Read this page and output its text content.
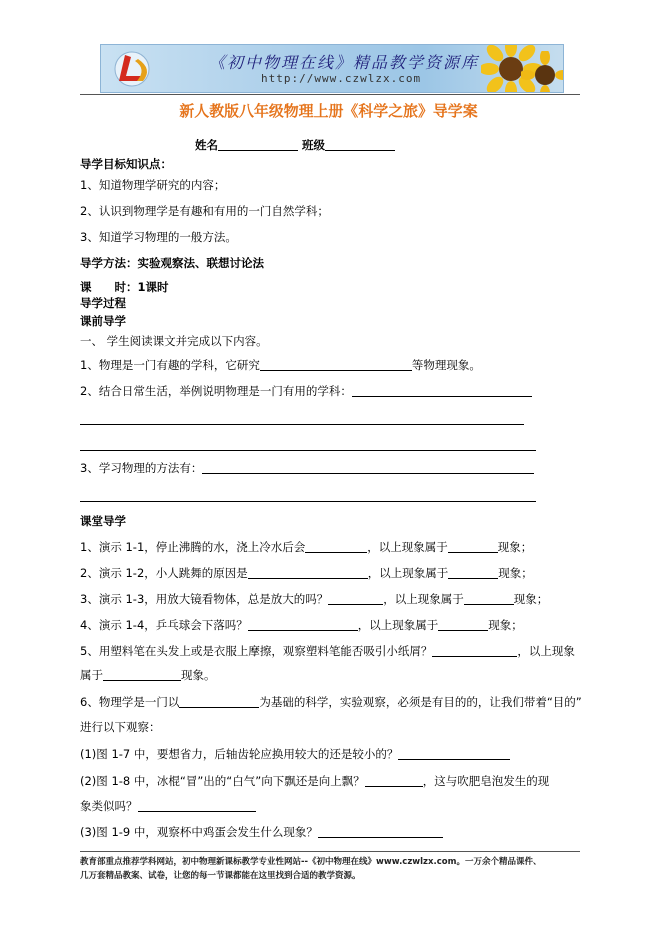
《初中物理在线》精品教学资源库
http://www.czwlzx.com
新人教版八年级物理上册《科学之旅》导学案
姓名	班级
导学目标知识点：
1、知道物理学研究的内容；
2、认识到物理学是有趣和有用的一门自然学科；
3、知道学习物理的一般方法。
导学方法：实验观察法、联想讨论法
课　　时：1课时
导学过程
课前导学
一、 学生阅读课文并完成以下内容。
1、物理是一门有趣的学科，它研究	等物理现象。
2、结合日常生活，举例说明物理是一门有用的学科：
3、学习物理的方法有：
课堂导学
1、演示 1-1，停止沸腾的水，浇上冷水后会	，以上现象属于	现象；
2、演示 1-2，小人跳舞的原因是	，以上现象属于	现象；
3、演示 1-3，用放大镜看物体，总是放大的吗？	，以上现象属于	现象；
4、演示 1-4，乒乓球会下落吗？	，以上现象属于	现象；
5、用塑料笔在头发上或是衣服上摩擦，观察塑料笔能否吸引小纸屑？	，以上现象
属于	现象。
6、物理学是一门以	为基础的科学，实验观察，必须是有目的的，让我们带着“目的”
进行以下观察：
(1)图 1-7 中，要想省力，后轴齿轮应换用较大的还是较小的？
(2)图 1-8 中，冰棍“冒”出的“白气”向下飘还是向上飘？	，这与吹肥皂泡发生的现
象类似吗？
(3)图 1-9 中，观察杯中鸡蛋会发生什么现象？
教育部重点推荐学科网站，初中物理新课标教学专业性网站--《初中物理在线》www.czwlzx.com。一万余个精品课件、
几万套精品教案、试卷，让您的每一节课都能在这里找到合适的教学资源。
